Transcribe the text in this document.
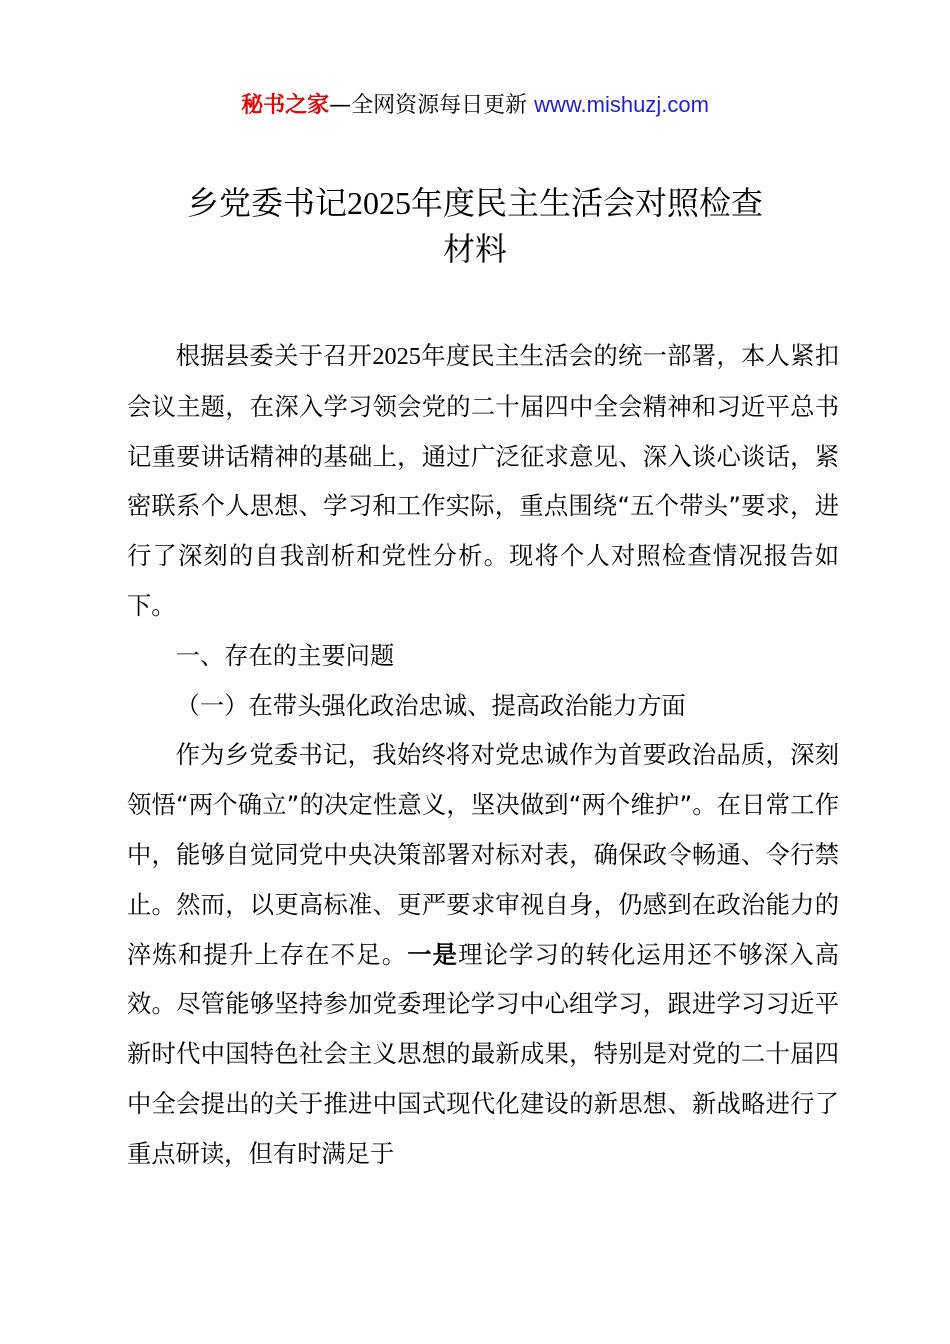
秘书之家—全网资源每日更新 www.mishuzj.com
乡党委书记2025年度民主生活会对照检查
材料

根据县委关于召开2025年度民主生活会的统一部署，本人紧扣会议主题，在深入学习领会党的二十届四中全会精神和习近平总书记重要讲话精神的基础上，通过广泛征求意见、深入谈心谈话，紧密联系个人思想、学习和工作实际，重点围绕“五个带头”要求，进行了深刻的自我剖析和党性分析。现将个人对照检查情况报告如下。

一、存在的主要问题

（一）在带头强化政治忠诚、提高政治能力方面

作为乡党委书记，我始终将对党忠诚作为首要政治品质，深刻领悟“两个确立”的决定性意义，坚决做到“两个维护”。在日常工作中，能够自觉同党中央决策部署对标对表，确保政令畅通、令行禁止。然而，以更高标准、更严要求审视自身，仍感到在政治能力的淬炼和提升上存在不足。一是理论学习的转化运用还不够深入高效。尽管能够坚持参加党委理论学习中心组学习，跟进学习习近平新时代中国特色社会主义思想的最新成果，特别是对党的二十届四中全会提出的关于推进中国式现代化建设的新思想、新战略进行了重点研读，但有时满足于
